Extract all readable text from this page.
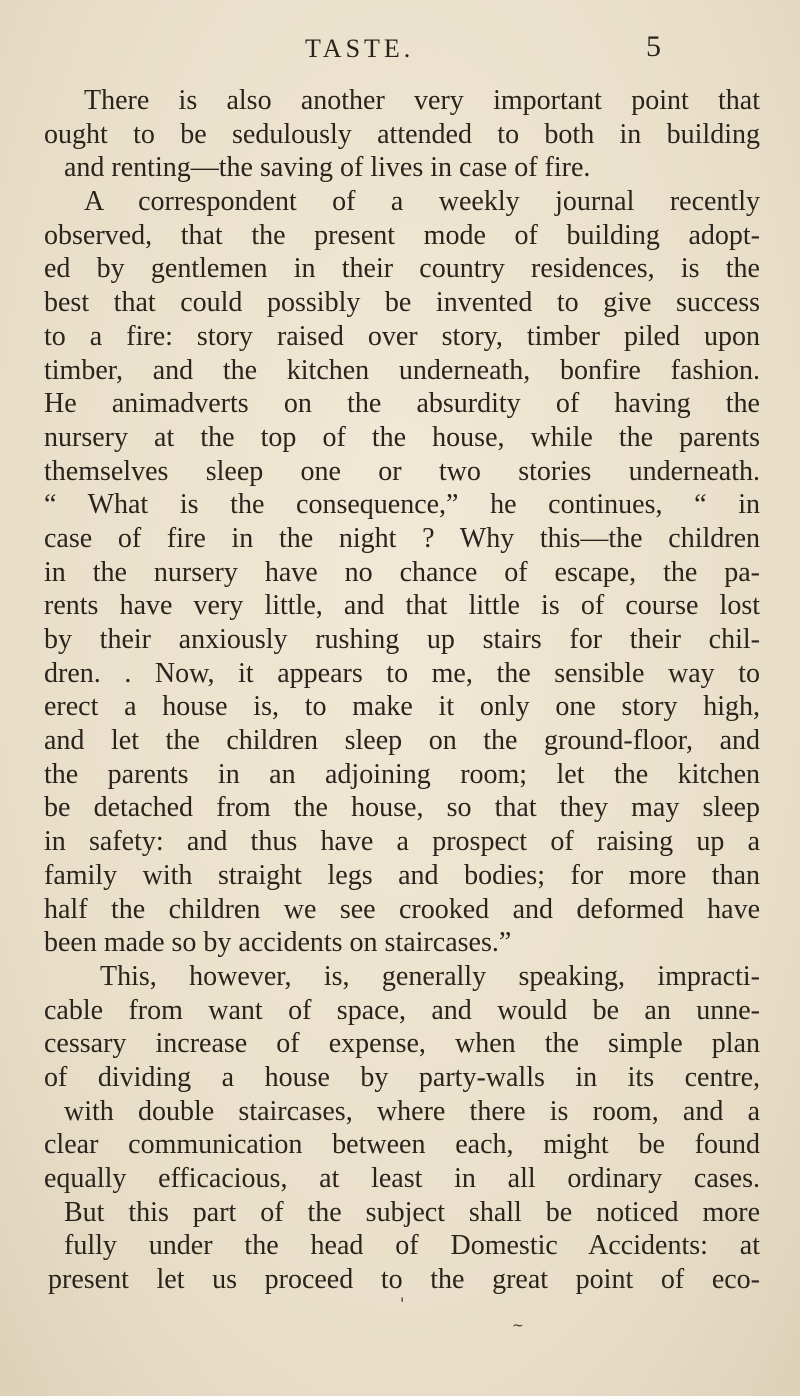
TASTE.	5
There is also another very important point that
ought to be sedulously attended to both in building
and renting—the saving of lives in case of fire.
A correspondent of a weekly journal recently
observed, that the present mode of building adopt-
ed by gentlemen in their country residences, is the
best that could possibly be invented to give success
to a fire: story raised over story, timber piled upon
timber, and the kitchen underneath, bonfire fashion.
He animadverts on the absurdity of having the
nursery at the top of the house, while the parents
themselves sleep one or two stories underneath.
“ What is the consequence,” he continues, “ in
case of fire in the night ? Why this—the children
in the nursery have no chance of escape, the pa-
rents have very little, and that little is of course lost
by their anxiously rushing up stairs for their chil-
dren. . Now, it appears to me, the sensible way to
erect a house is, to make it only one story high,
and let the children sleep on the ground-floor, and
the parents in an adjoining room; let the kitchen
be detached from the house, so that they may sleep
in safety: and thus have a prospect of raising up a
family with straight legs and bodies; for more than
half the children we see crooked and deformed have
been made so by accidents on staircases.”
This, however, is, generally speaking, impracti-
cable from want of space, and would be an unne-
cessary increase of expense, when the simple plan
of dividing a house by party-walls in its centre,
with double staircases, where there is room, and a
clear communication between each, might be found
equally efficacious, at least in all ordinary cases.
But this part of the subject shall be noticed more
fully under the head of Domestic Accidents: at
present let us proceed to the great point of eco-
'
~
